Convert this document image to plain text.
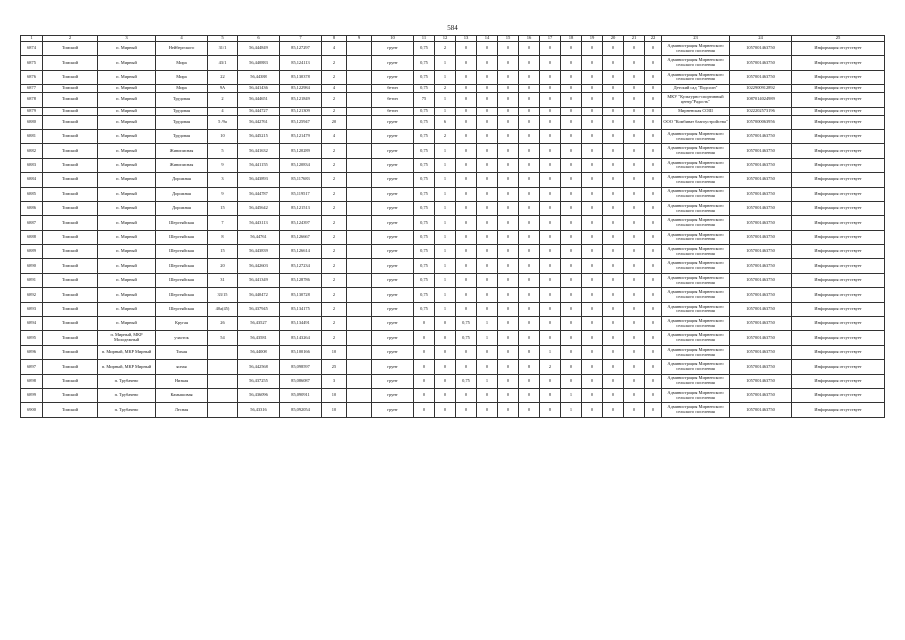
584
1	2	3	4	5	6	7	8	9	10	11	12	13	14	15	16	17	18	19	20	21	22	23	24	25
6874	Томский	п. Мирный	Нейбергского	31/1	56,444849	85,127297	4		грунт	0,75	2	0	0	0	0	0	0	0	0	0	0	Администрация Мирненского сельского поселения	1057001463750	Информация отсутствует
6875	Томский	п. Мирный	Мира	43/1	56,440883	85,124113	2		грунт	0,75	1	0	0	0	0	0	0	0	0	0	0	Администрация Мирненского сельского поселения	1057001463750	Информация отсутствует
6876	Томский	п. Мирный	Мира	22	56,44388	85,130378	2		грунт	0,75	1	0	0	0	0	0	0	0	0	0	0	Администрация Мирненского сельского поселения	1057001463750	Информация отсутствует
6877	Томский	п. Мирный	Мира	9А	56,441436	85,122984	4		бетон	0,75	2	0	0	0	0	0	0	0	0	0	0	Детский сад "Подсолн"	1022900912892	Информация отсутствует
6878	Томский	п. Мирный	Трудовая	2	56,444651	85,121849	2		бетон	75	1	0	0	0	0	0	0	0	0	0	0	МКУ "Культурно-спортивный центр"Радость"	1087014024989	Информация отсутствует
6879	Томский	п. Мирный	Трудовая	4	56,444727	85,121309	2		бетон	0,75	1	0	0	0	0	0	0	0	0	0	0	Мирненская СОШ	1022202573196	Информация отсутствует
6880	Томский	п. Мирный	Трудовая	5 /9а	56,442761	85,125947	20		грунт	0,75	6	0	0	0	0	0	0	0	0	0	0	ООО "Комбинат благоустройства"	1057000063956	Информация отсутствует
6881	Томский	п. Мирный	Трудовая	10	56,445215	85,121479	4		грунт	0,75	2	0	0	0	0	0	0	0	0	0	0	Администрация Мирненского сельского поселения	1057001463750	Информация отсутствует
6882	Томский	п. Мирный	Живописная	5	56,441632	85,120289	2		грунт	0,75	1	0	0	0	0	0	0	0	0	0	0	Администрация Мирненского сельского поселения	1057001463750	Информация отсутствует
6883	Томский	п. Мирный	Живописная	9	56,441155	85,120834	2		грунт	0,75	1	0	0	0	0	0	0	0	0	0	0	Администрация Мирненского сельского поселения	1057001463750	Информация отсутствует
6884	Томский	п. Мирный	Дорожная	3	56,443893	85,117683	2		грунт	0,75	1	0	0	0	0	0	0	0	0	0	0	Администрация Мирненского сельского поселения	1057001463750	Информация отсутствует
6885	Томский	п. Мирный	Дорожная	9	56,444787	85,119517	2		грунт	0,75	1	0	0	0	0	0	0	0	0	0	0	Администрация Мирненского сельского поселения	1057001463750	Информация отсутствует
6886	Томский	п. Мирный	Дорожная	15	56,445642	85,121513	2		грунт	0,75	1	0	0	0	0	0	0	0	0	0	0	Администрация Мирненского сельского поселения	1057001463750	Информация отсутствует
6887	Томский	п. Мирный	Шерстяйская	7	56,443113	85,124397	2		грунт	0,75	1	0	0	0	0	0	0	0	0	0	0	Администрация Мирненского сельского поселения	1057001463750	Информация отсутствует
6888	Томский	п. Мирный	Шерстяйская	8	56,44761	85,126667	2		грунт	0,75	1	0	0	0	0	0	0	0	0	0	0	Администрация Мирненского сельского поселения	1057001463750	Информация отсутствует
6889	Томский	п. Мирный	Шерстяйская	15	56,443839	85,126614	2		грунт	0,75	1	0	0	0	0	0	0	0	0	0	0	Администрация Мирненского сельского поселения	1057001463750	Информация отсутствует
6890	Томский	п. Мирный	Шерстяйская	20	56,442603	85,127234	2		грунт	0,75	1	0	0	0	0	0	0	0	0	0	0	Администрация Мирненского сельского поселения	1057001463750	Информация отсутствует
6891	Томский	п. Мирный	Шерстяйская	31	56,441349	85,128786	2		грунт	0,75	1	0	0	0	0	0	0	0	0	0	0	Администрация Мирненского сельского поселения	1057001463750	Информация отсутствует
6892	Томский	п. Мирный	Шерстяйская	33/15	56,440472	85,130728	2		грунт	0,75	1	0	0	0	0	0	0	0	0	0	0	Администрация Мирненского сельского поселения	1057001463750	Информация отсутствует
6893	Томский	п. Мирный	Шерстяйская	40а(45)	56,437945	85,134175	2		грунт	0,75	1	0	0	0	0	0	0	0	0	0	0	Администрация Мирненского сельского поселения	1057001463750	Информация отсутствует
6894	Томский	п. Мирный	Кругая	26	56,43527	85,134491	2		грунт	0	0	0,75	1	0	0	0	0	0	0	0	0	Администрация Мирненского сельского поселения	1057001463750	Информация отсутствует
6895	Томский	п. Мирный, МКР Молодежный	участок	54	56,43581	85,143264	2		грунт	0	0	0,75	1	0	0	0	0	0	0	0	0	Администрация Мирненского сельского поселения	1057001463750	Информация отсутствует
6896	Томский	п. Мирный, МКР Мирный	Тихая		56,44008	85,100166	10		грунт	0	0	0	0	0	8	1	0	0	0	0	0	Администрация Мирненского сельского поселения	1057001463750	Информация отсутствует
6897	Томский	п. Мирный, МКР Мирный	ясная		56,442568	85,098597	25		грунт	0	0	0	0	0	8	2	0	0	0	0	0	Администрация Мирненского сельского поселения	1057001463750	Информация отсутствует
6898	Томский	п. Трубачево	Низкая		56,437255	85,086087	3		грунт	0	0	0,75	1	0	0	0	0	0	0	0	0	Администрация Мирненского сельского поселения	1057001463750	Информация отсутствует
6899	Томский	п. Трубачево	Камышовая		56,436096	85,090911	10		грунт	0	0	0	0	0	0	8	1	0	0	0	0	Администрация Мирненского сельского поселения	1057001463750	Информация отсутствует
6900	Томский	п. Трубачево	Лесная		56,43316	85,092054	10		грунт	0	0	0	0	0	0	8	1	0	0	0	0	Администрация Мирненского сельского поселения	1057001463750	Информация отсутствует
